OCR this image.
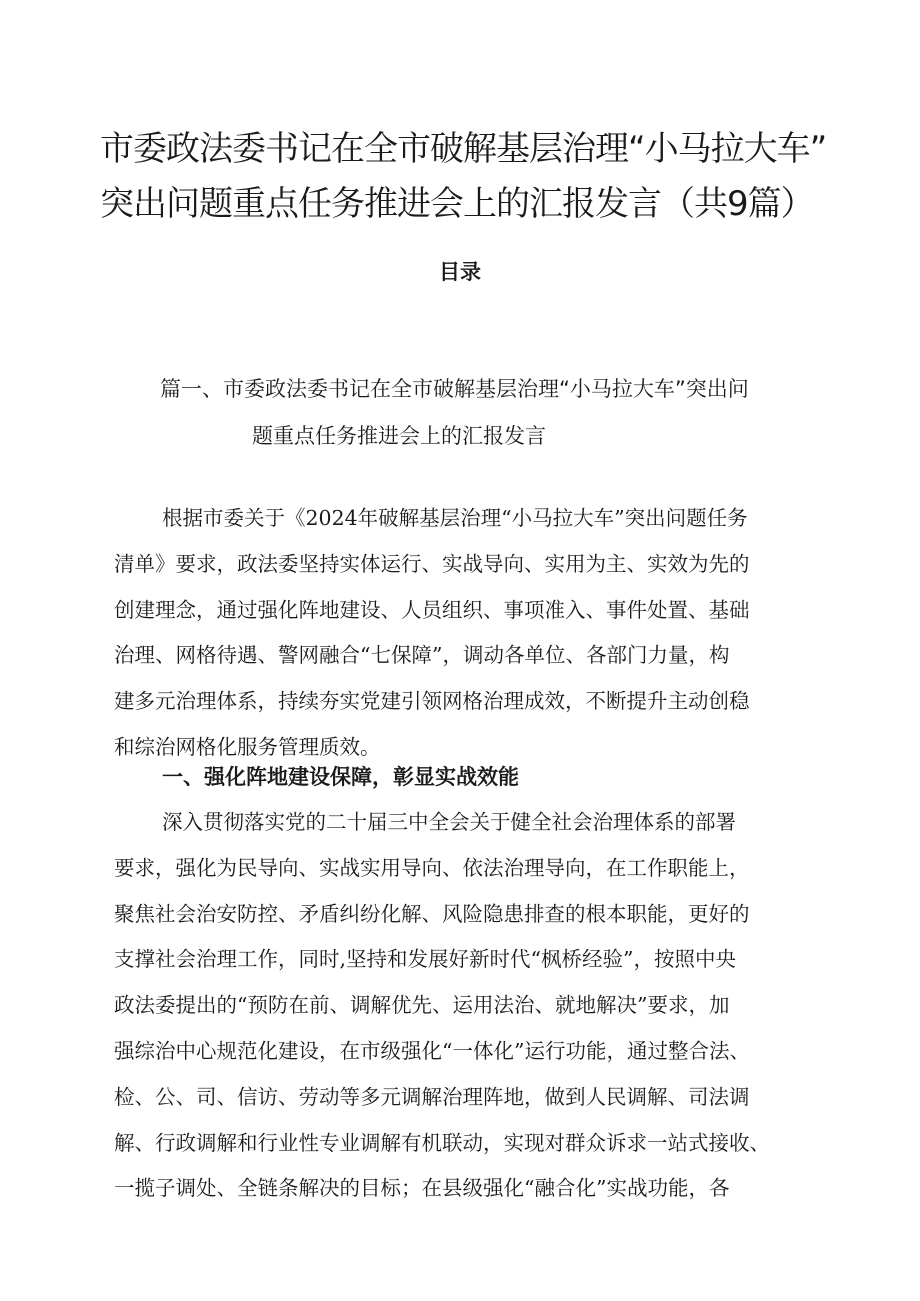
市委政法委书记在全市破解基层治理“小马拉大车”
突出问题重点任务推进会上的汇报发言（共9篇）
目录
篇一、市委政法委书记在全市破解基层治理“小马拉大车”突出问
题重点任务推进会上的汇报发言
根据市委关于《2024年破解基层治理“小马拉大车”突出问题任务
清单》要求，政法委坚持实体运行、实战导向、实用为主、实效为先的
创建理念，通过强化阵地建设、人员组织、事项准入、事件处置、基础
治理、网格待遇、警网融合“七保障”，调动各单位、各部门力量，构
建多元治理体系，持续夯实党建引领网格治理成效，不断提升主动创稳
和综治网格化服务管理质效。
一、强化阵地建设保障，彰显实战效能
深入贯彻落实党的二十届三中全会关于健全社会治理体系的部署
要求，强化为民导向、实战实用导向、依法治理导向，在工作职能上，
聚焦社会治安防控、矛盾纠纷化解、风险隐患排查的根本职能，更好的
支撑社会治理工作，同时,坚持和发展好新时代“枫桥经验”，按照中央
政法委提出的“预防在前、调解优先、运用法治、就地解决”要求，加
强综治中心规范化建设，在市级强化“一体化”运行功能，通过整合法、
检、公、司、信访、劳动等多元调解治理阵地，做到人民调解、司法调
解、行政调解和行业性专业调解有机联动，实现对群众诉求一站式接收、
一揽子调处、全链条解决的目标；在县级强化“融合化”实战功能，各
